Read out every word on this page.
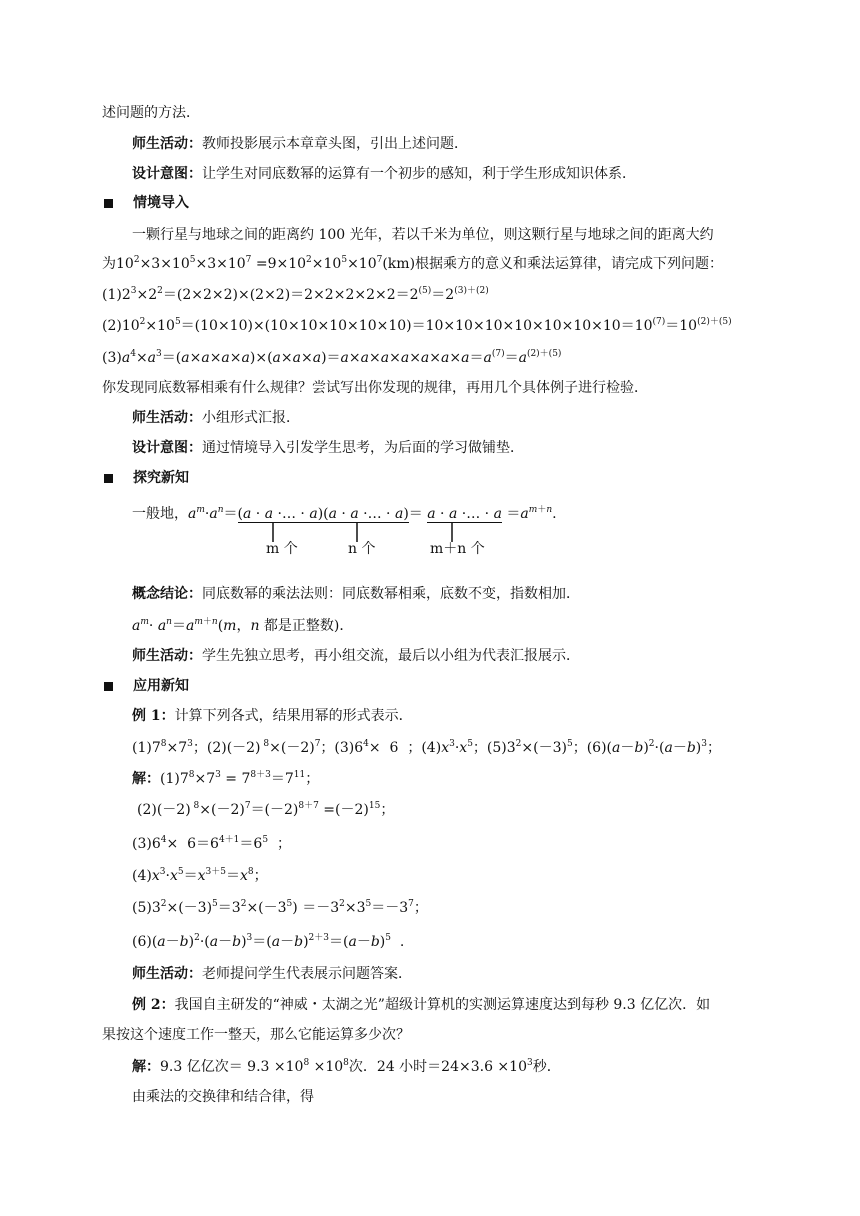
述问题的方法．
师生活动：教师投影展示本章章头图，引出上述问题．
设计意图：让学生对同底数幂的运算有一个初步的感知，利于学生形成知识体系．
情境导入
一颗行星与地球之间的距离约 100 光年，若以千米为单位，则这颗行星与地球之间的距离大约
为$10^2\times 3\times 10^5\times 3\times 10^7 =9\times 10^2\times 10^5\times 10^7(km)$根据乘方的意义和乘法运算律，请完成下列问题：
$(1)2^3\times 2^2=(2\times 2\times 2)\times(2\times 2)=2\times 2\times 2\times 2\times 2=2^{(5)}=2^{(3)+(2)}$
$(2)10^2\times 10^5=(10\times 10)\times(10\times 10\times 10\times 10\times 10)=10\times 10\times 10\times 10\times 10\times 10\times 10=10^{(7)}=10^{(2)+(5)}$
$(3)a^4\times a^3=(a\times a\times a\times a)\times(a\times a\times a)=a\times a\times a\times a\times a\times a\times a=a^{(7)}=a^{(2)+(5)}$
你发现同底数幂相乘有什么规律？尝试写出你发现的规律，再用几个具体例子进行检验．
师生活动：小组形式汇报．
设计意图：通过情境导入引发学生思考，为后面的学习做铺垫．
探究新知
一般地，$a^m\cdot a^n=(a \cdot a$ ·… · a)(a · a ·… · a)＝ a · a ·… · $a =a^{m+n}$.
m 个	n 个	m＋n 个
概念结论：同底数幂的乘法法则：同底数幂相乘，底数不变，指数相加．
$a^m\cdot a^n=a^{m+n}(m$，n 都是正整数)．
师生活动：学生先独立思考，再小组交流，最后以小组为代表汇报展示．
应用新知
例 1：计算下列各式，结果用幂的形式表示．
$(1)7^8\times 7^3$；(2)(－2) $^8\times(-2)^7$；$(3)6^4\times 6$  ；$(4)x^3\cdot x^5$；$(5)3^2\times(-3)^5$；$(6)(a-b)^2\cdot(a-b)^3$；
解：$(1)7^8\times 7^3 = 7^{8+3}=7^{11}$；
(2)(－2) $^8\times(-2)^7=(-2)^{8+7} =(-2)^{15}$；
$(3)6^4\times 6=6^{4+1}=6^5$  ；
$(4)x^3\cdot x^5=x^{3+5}=x^8$；
$(5)3^2\times(-3)^5=3^2\times(-3^5) =-3^2\times 3^5=-3^7$；
$(6)(a-b)^2\cdot(a-b)^3=(a-b)^{2+3}=(a-b)^5$  .
师生活动：老师提问学生代表展示问题答案．
例 2：我国自主研发的“神威・太湖之光”超级计算机的实测运算速度达到每秒 9.3 亿亿次．如
果按这个速度工作一整天，那么它能运算多少次？
解：9.3 亿亿次＝ $9.3 \times 10^8 \times 10^8$次．24 小时$=24\times 3.6 \times 10^3$秒．
由乘法的交换律和结合律，得
